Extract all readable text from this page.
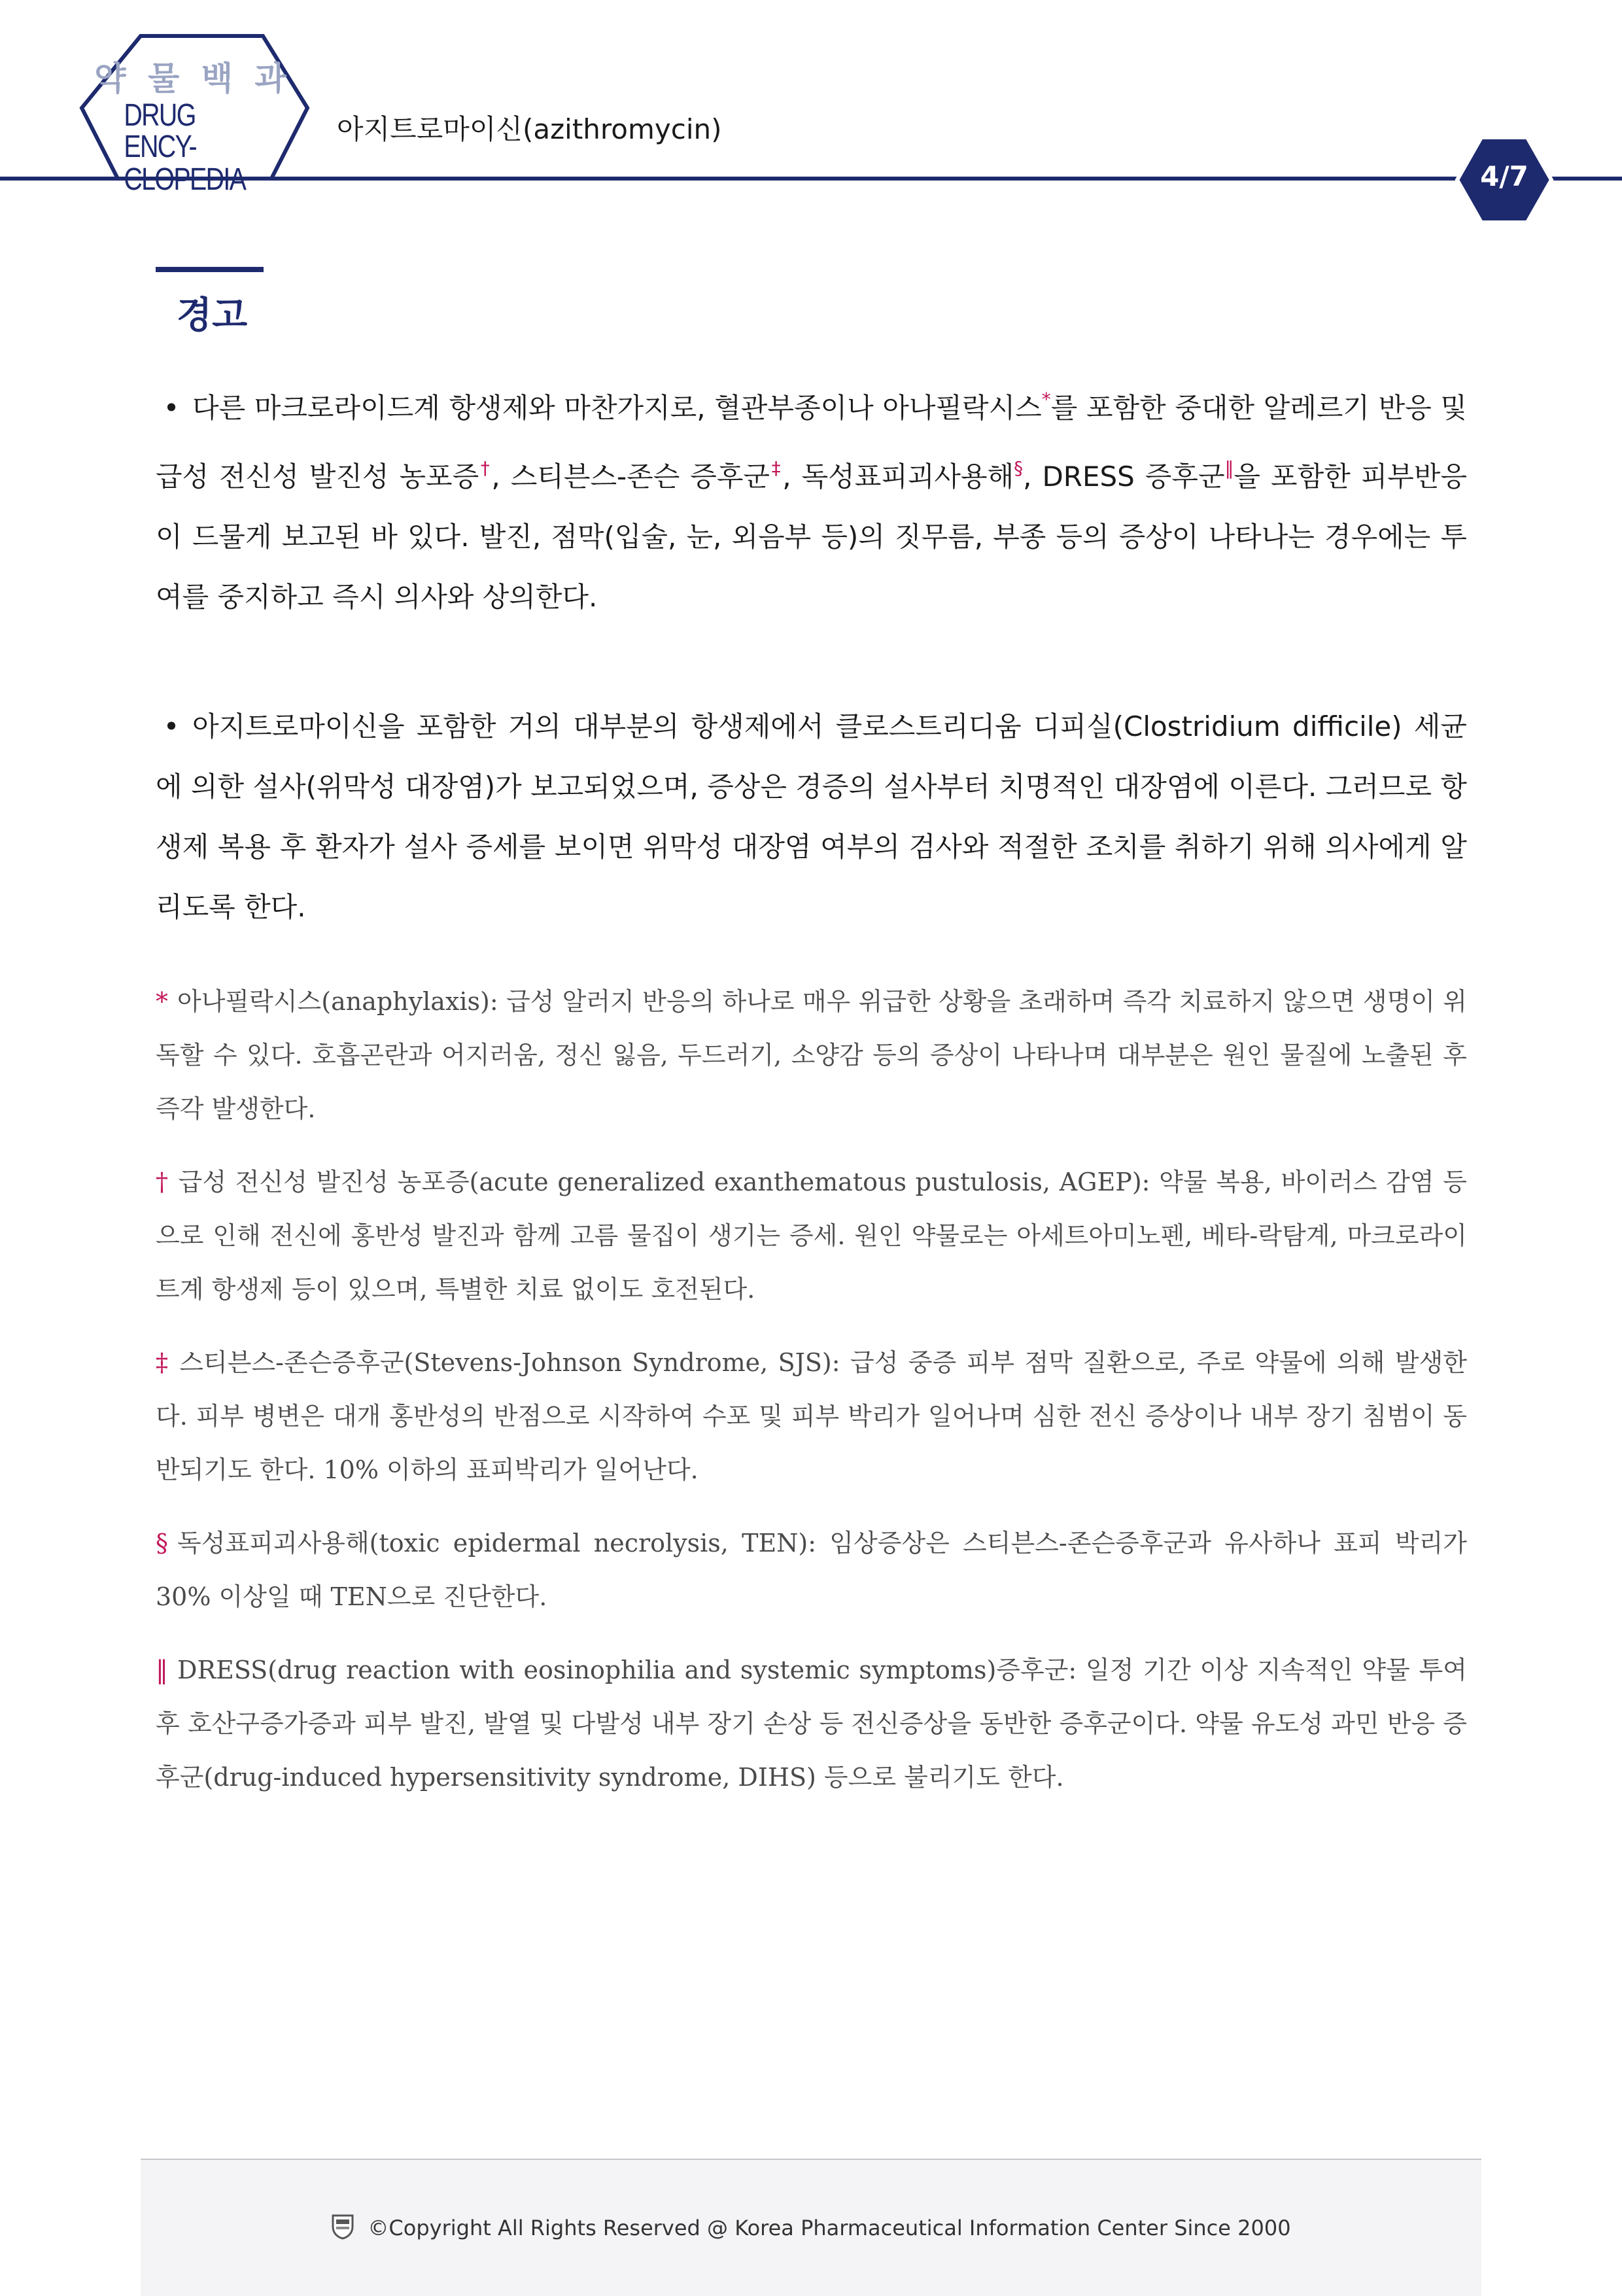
약 물 백 과
DRUG ENCY-
CLOPEDIA
아지트로마이신(azithromycin)
4/7
경고

• 다른 마크로라이드계 항생제와 마찬가지로, 혈관부종이나 아나필락시스*를 포함한 중대한 알레르기 반응 및 급성 전신성 발진성 농포증†, 스티븐스-존슨 증후군‡, 독성표피괴사용해§, DRESS 증후군‖을 포함한 피부반응이 드물게 보고된 바 있다. 발진, 점막(입술, 눈, 외음부 등)의 짓무름, 부종 등의 증상이 나타나는 경우에는 투여를 중지하고 즉시 의사와 상의한다.

• 아지트로마이신을 포함한 거의 대부분의 항생제에서 클로스트리디움 디피실(Clostridium difficile) 세균에 의한 설사(위막성 대장염)가 보고되었으며, 증상은 경증의 설사부터 치명적인 대장염에 이른다. 그러므로 항생제 복용 후 환자가 설사 증세를 보이면 위막성 대장염 여부의 검사와 적절한 조치를 취하기 위해 의사에게 알리도록 한다.

* 아나필락시스(anaphylaxis): 급성 알러지 반응의 하나로 매우 위급한 상황을 초래하며 즉각 치료하지 않으면 생명이 위독할 수 있다. 호흡곤란과 어지러움, 정신 잃음, 두드러기, 소양감 등의 증상이 나타나며 대부분은 원인 물질에 노출된 후 즉각 발생한다.

† 급성 전신성 발진성 농포증(acute generalized exanthematous pustulosis, AGEP): 약물 복용, 바이러스 감염 등으로 인해 전신에 홍반성 발진과 함께 고름 물집이 생기는 증세. 원인 약물로는 아세트아미노펜, 베타-락탐계, 마크로라이트계 항생제 등이 있으며, 특별한 치료 없이도 호전된다.

‡ 스티븐스-존슨증후군(Stevens-Johnson Syndrome, SJS): 급성 중증 피부 점막 질환으로, 주로 약물에 의해 발생한다. 피부 병변은 대개 홍반성의 반점으로 시작하여 수포 및 피부 박리가 일어나며 심한 전신 증상이나 내부 장기 침범이 동반되기도 한다. 10% 이하의 표피박리가 일어난다.

§ 독성표피괴사용해(toxic epidermal necrolysis, TEN): 임상증상은 스티븐스-존슨증후군과 유사하나 표피 박리가 30% 이상일 때 TEN으로 진단한다.

‖ DRESS(drug reaction with eosinophilia and systemic symptoms)증후군: 일정 기간 이상 지속적인 약물 투여 후 호산구증가증과 피부 발진, 발열 및 다발성 내부 장기 손상 등 전신증상을 동반한 증후군이다. 약물 유도성 과민 반응 증후군(drug-induced hypersensitivity syndrome, DIHS) 등으로 불리기도 한다.

©Copyright All Rights Reserved @ Korea Pharmaceutical Information Center Since 2000
